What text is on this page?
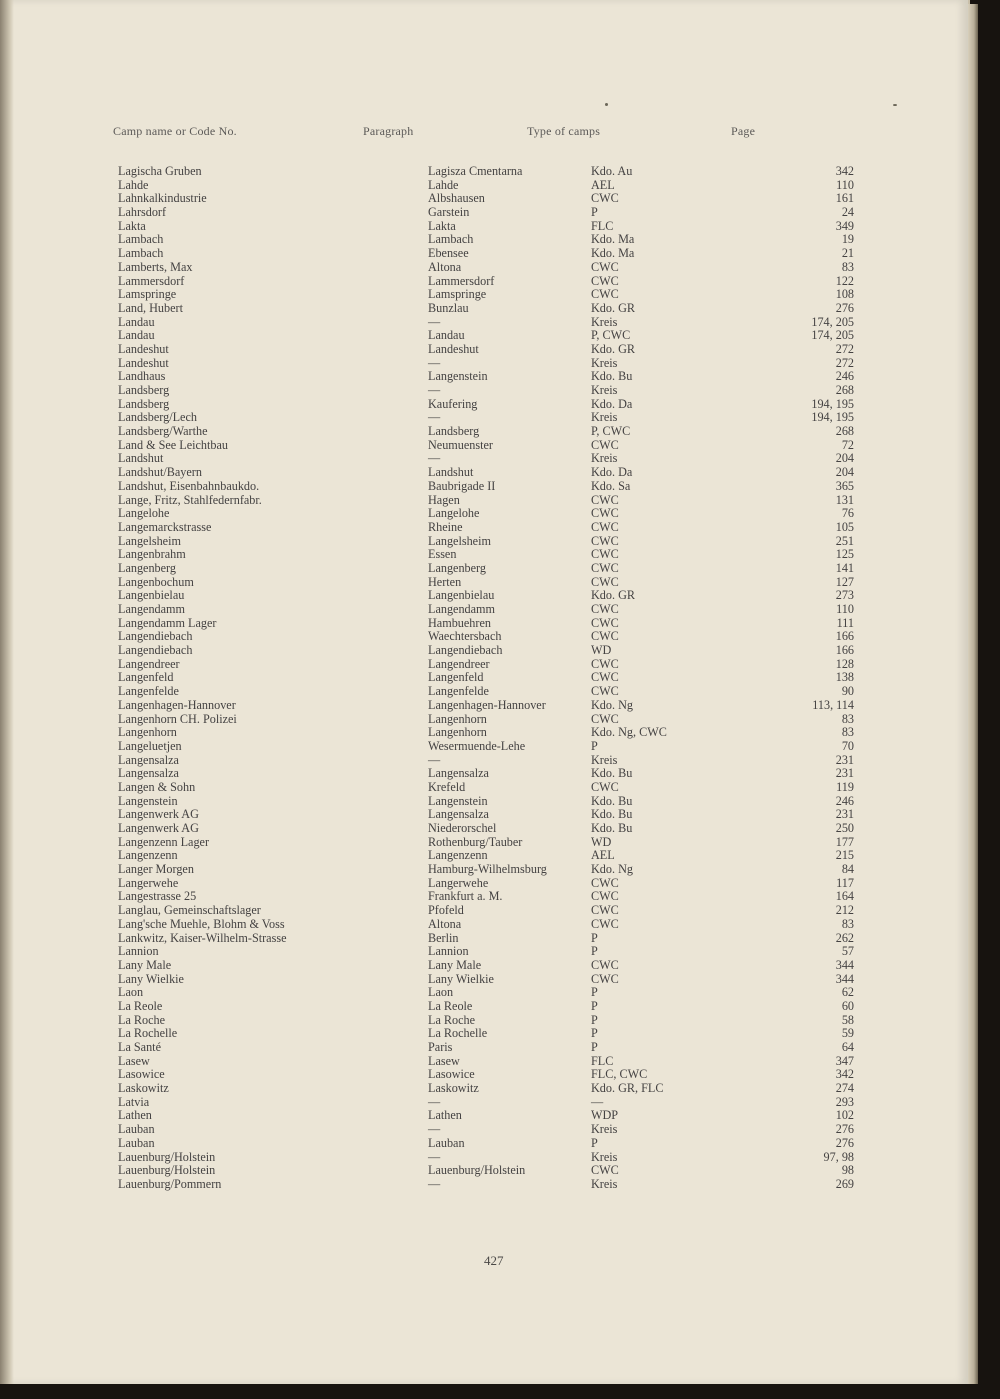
Camp name or Code No.	Paragraph	Type of camps	Page
Lagischa Gruben	Lagisza Cmentarna	Kdo. Au	342
Lahde	Lahde	AEL	110
Lahnkalkindustrie	Albshausen	CWC	161
Lahrsdorf	Garstein	P	24
Lakta	Lakta	FLC	349
Lambach	Lambach	Kdo. Ma	19
Lambach	Ebensee	Kdo. Ma	21
Lamberts, Max	Altona	CWC	83
Lammersdorf	Lammersdorf	CWC	122
Lamspringe	Lamspringe	CWC	108
Land, Hubert	Bunzlau	Kdo. GR	276
Landau	—	Kreis	174, 205
Landau	Landau	P, CWC	174, 205
Landeshut	Landeshut	Kdo. GR	272
Landeshut	—	Kreis	272
Landhaus	Langenstein	Kdo. Bu	246
Landsberg	—	Kreis	268
Landsberg	Kaufering	Kdo. Da	194, 195
Landsberg/Lech	—	Kreis	194, 195
Landsberg/Warthe	Landsberg	P, CWC	268
Land & See Leichtbau	Neumuenster	CWC	72
Landshut	—	Kreis	204
Landshut/Bayern	Landshut	Kdo. Da	204
Landshut, Eisenbahnbaukdo.	Baubrigade II	Kdo. Sa	365
Lange, Fritz, Stahlfedernfabr.	Hagen	CWC	131
Langelohe	Langelohe	CWC	76
Langemarckstrasse	Rheine	CWC	105
Langelsheim	Langelsheim	CWC	251
Langenbrahm	Essen	CWC	125
Langenberg	Langenberg	CWC	141
Langenbochum	Herten	CWC	127
Langenbielau	Langenbielau	Kdo. GR	273
Langendamm	Langendamm	CWC	110
Langendamm Lager	Hambuehren	CWC	111
Langendiebach	Waechtersbach	CWC	166
Langendiebach	Langendiebach	WD	166
Langendreer	Langendreer	CWC	128
Langenfeld	Langenfeld	CWC	138
Langenfelde	Langenfelde	CWC	90
Langenhagen-Hannover	Langenhagen-Hannover	Kdo. Ng	113, 114
Langenhorn CH. Polizei	Langenhorn	CWC	83
Langenhorn	Langenhorn	Kdo. Ng, CWC	83
Langeluetjen	Wesermuende-Lehe	P	70
Langensalza	—	Kreis	231
Langensalza	Langensalza	Kdo. Bu	231
Langen & Sohn	Krefeld	CWC	119
Langenstein	Langenstein	Kdo. Bu	246
Langenwerk AG	Langensalza	Kdo. Bu	231
Langenwerk AG	Niederorschel	Kdo. Bu	250
Langenzenn Lager	Rothenburg/Tauber	WD	177
Langenzenn	Langenzenn	AEL	215
Langer Morgen	Hamburg-Wilhelmsburg	Kdo. Ng	84
Langerwehe	Langerwehe	CWC	117
Langestrasse 25	Frankfurt a. M.	CWC	164
Langlau, Gemeinschaftslager	Pfofeld	CWC	212
Lang'sche Muehle, Blohm & Voss	Altona	CWC	83
Lankwitz, Kaiser-Wilhelm-Strasse	Berlin	P	262
Lannion	Lannion	P	57
Lany Male	Lany Male	CWC	344
Lany Wielkie	Lany Wielkie	CWC	344
Laon	Laon	P	62
La Reole	La Reole	P	60
La Roche	La Roche	P	58
La Rochelle	La Rochelle	P	59
La Santé	Paris	P	64
Lasew	Lasew	FLC	347
Lasowice	Lasowice	FLC, CWC	342
Laskowitz	Laskowitz	Kdo. GR, FLC	274
Latvia	—	—	293
Lathen	Lathen	WDP	102
Lauban	—	Kreis	276
Lauban	Lauban	P	276
Lauenburg/Holstein	—	Kreis	97, 98
Lauenburg/Holstein	Lauenburg/Holstein	CWC	98
Lauenburg/Pommern	—	Kreis	269
427
